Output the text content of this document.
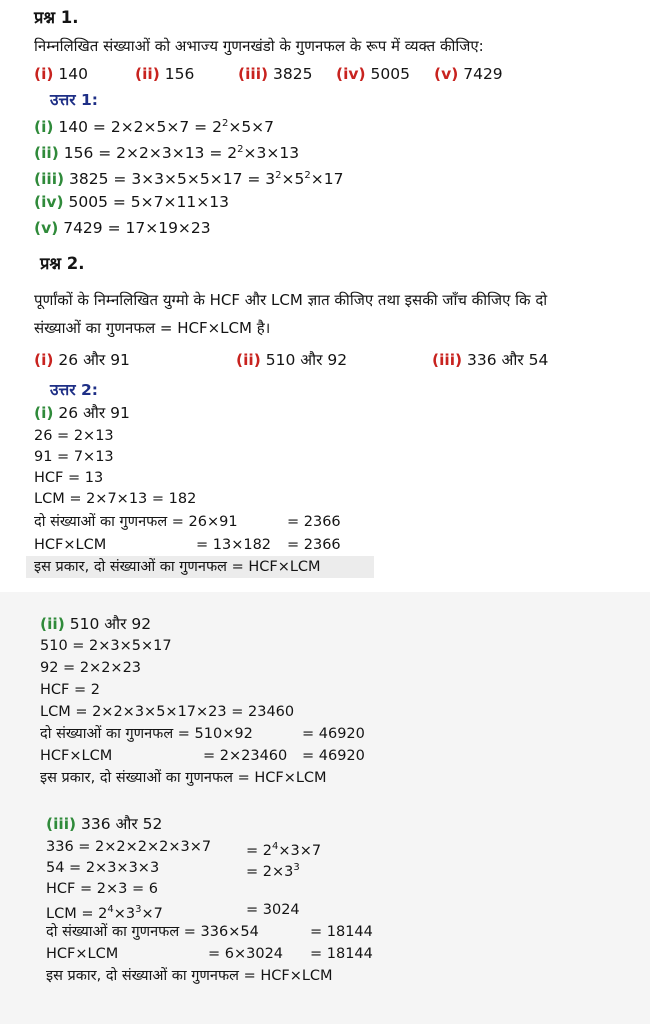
प्रश्न 1.
निम्नलिखित संख्याओं को अभाज्य गुणनखंडो के गुणनफल के रूप में व्यक्त कीजिए:
(i) 140	(ii) 156	(iii) 3825 (iv) 5005 (v) 7429
उत्तर 1:
(i) $140 = 2\times 2\times 5\times 7 = 2^2\times 5\times 7$
(ii) $156 = 2\times 2\times 3\times 13 = 2^2\times 3\times 13$
(iii) $3825 = 3\times 3\times 5\times 5\times 17 = 3^2\times 5^2\times 17$
(iv) 5005 = 5×7×11×13
(v) 7429 = 17×19×23
प्रश्न 2.
पूर्णांकों के निम्नलिखित युग्मो के HCF और LCM ज्ञात कीजिए तथा इसकी जाँच कीजिए कि दो
संख्याओं का गुणनफल = HCF×LCM है।
(i) 26 और 91	(ii) 510 और 92	(iii) 336 और 54
उत्तर 2:
(i) 26 और 91
26 = 2×13
91 = 7×13
HCF = 13
LCM = 2×7×13 = 182
दो संख्याओं का गुणनफल = 26×91	= 2366
HCF×LCM	= 13×182 = 2366
इस प्रकार, दो संख्याओं का गुणनफल = HCF×LCM
(ii) 510 और 92
510 = 2×3×5×17
92 = 2×2×23
HCF = 2
LCM = 2×2×3×5×17×23 = 23460
दो संख्याओं का गुणनफल = 510×92	= 46920
HCF×LCM	= 2×23460 = 46920
इस प्रकार, दो संख्याओं का गुणनफल = HCF×LCM
(iii) 336 और 52
$336 = 2\times 2\times 2\times 2\times 3\times 7 = 2^4\times 3\times 7$
54 = 2×3×3×3	= $2\times 3^3$
HCF = 2×3 = 6
LCM = $2^4\times 3^3\times 7$	= 3024
दो संख्याओं का गुणनफल = 336×54	= 18144
HCF×LCM	= 6×3024 = 18144
इस प्रकार, दो संख्याओं का गुणनफल = HCF×LCM
